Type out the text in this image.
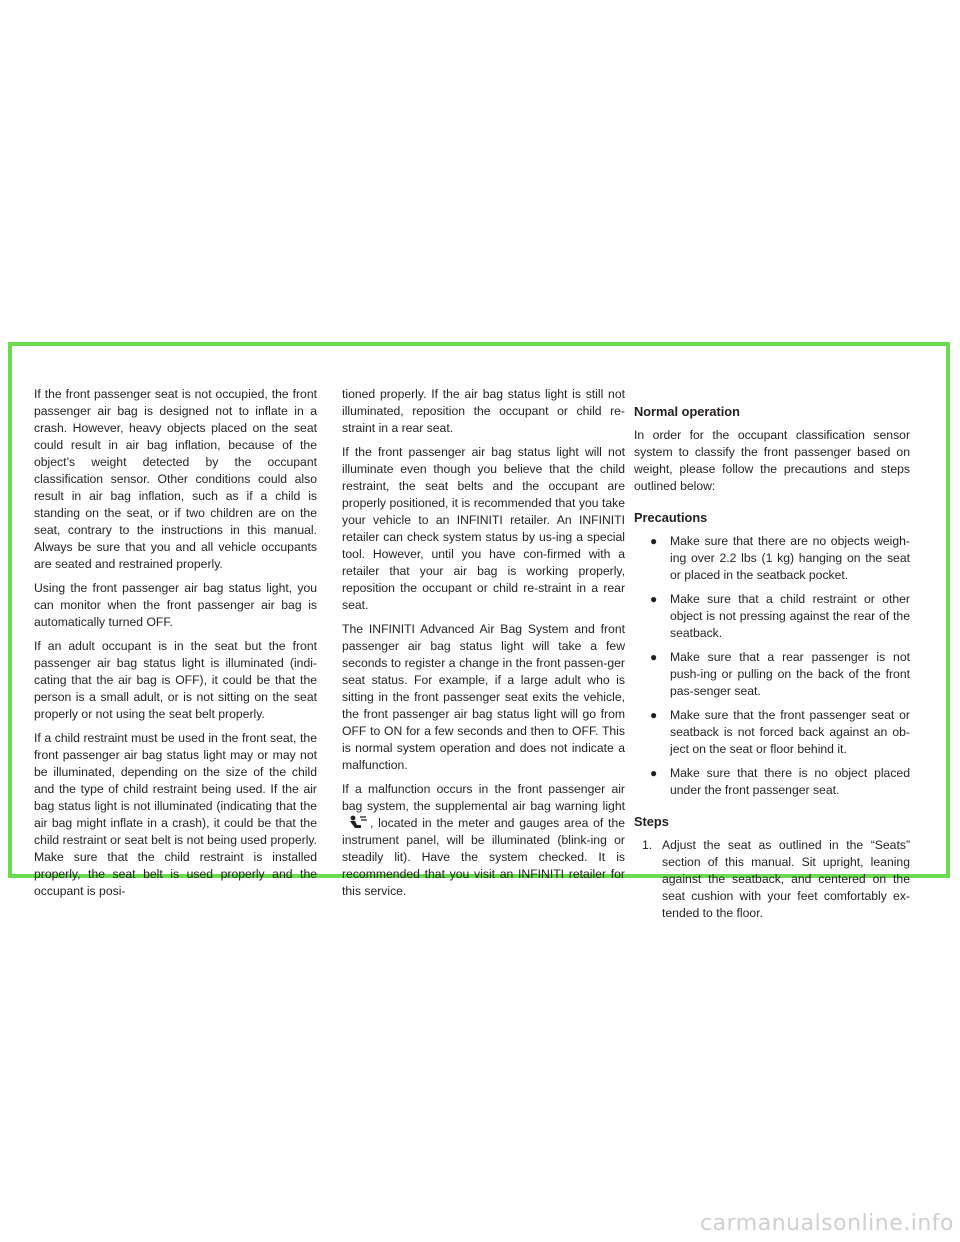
If the front passenger seat is not occupied, the front passenger air bag is designed not to inflate in a crash. However, heavy objects placed on the seat could result in air bag inflation, because of the object’s weight detected by the occupant classification sensor. Other conditions could also result in air bag inflation, such as if a child is standing on the seat, or if two children are on the seat, contrary to the instructions in this manual. Always be sure that you and all vehicle occupants are seated and restrained properly.

Using the front passenger air bag status light, you can monitor when the front passenger air bag is automatically turned OFF.

If an adult occupant is in the seat but the front passenger air bag status light is illuminated (indi-cating that the air bag is OFF), it could be that the person is a small adult, or is not sitting on the seat properly or not using the seat belt properly.

If a child restraint must be used in the front seat, the front passenger air bag status light may or may not be illuminated, depending on the size of the child and the type of child restraint being used. If the air bag status light is not illuminated (indicating that the air bag might inflate in a crash), it could be that the child restraint or seat belt is not being used properly. Make sure that the child restraint is installed properly, the seat belt is used properly and the occupant is posi-

tioned properly. If the air bag status light is still not illuminated, reposition the occupant or child re-straint in a rear seat.

If the front passenger air bag status light will not illuminate even though you believe that the child restraint, the seat belts and the occupant are properly positioned, it is recommended that you take your vehicle to an INFINITI retailer. An INFINITI retailer can check system status by us-ing a special tool. However, until you have con-firmed with a retailer that your air bag is working properly, reposition the occupant or child re-straint in a rear seat.

The INFINITI Advanced Air Bag System and front passenger air bag status light will take a few seconds to register a change in the front passen-ger seat status. For example, if a large adult who is sitting in the front passenger seat exits the vehicle, the front passenger air bag status light will go from OFF to ON for a few seconds and then to OFF. This is normal system operation and does not indicate a malfunction.

If a malfunction occurs in the front passenger air bag system, the supplemental air bag warning light, located in the meter and gauges area of the instrument panel, will be illuminated (blink-ing or steadily lit). Have the system checked. It is recommended that you visit an INFINITI retailer for this service.

Normal operation

In order for the occupant classification sensor system to classify the front passenger based on weight, please follow the precautions and steps outlined below:

Precautions
● Make sure that there are no objects weigh-ing over 2.2 lbs (1 kg) hanging on the seat or placed in the seatback pocket.
● Make sure that a child restraint or other object is not pressing against the rear of the seatback.
● Make sure that a rear passenger is not push-ing or pulling on the back of the front pas-senger seat.
● Make sure that the front passenger seat or seatback is not forced back against an ob-ject on the seat or floor behind it.
● Make sure that there is no object placed under the front passenger seat.
Steps
1. Adjust the seat as outlined in the “Seats” section of this manual. Sit upright, leaning against the seatback, and centered on the seat cushion with your feet comfortably ex-tended to the floor.
carmanualsonline.info
